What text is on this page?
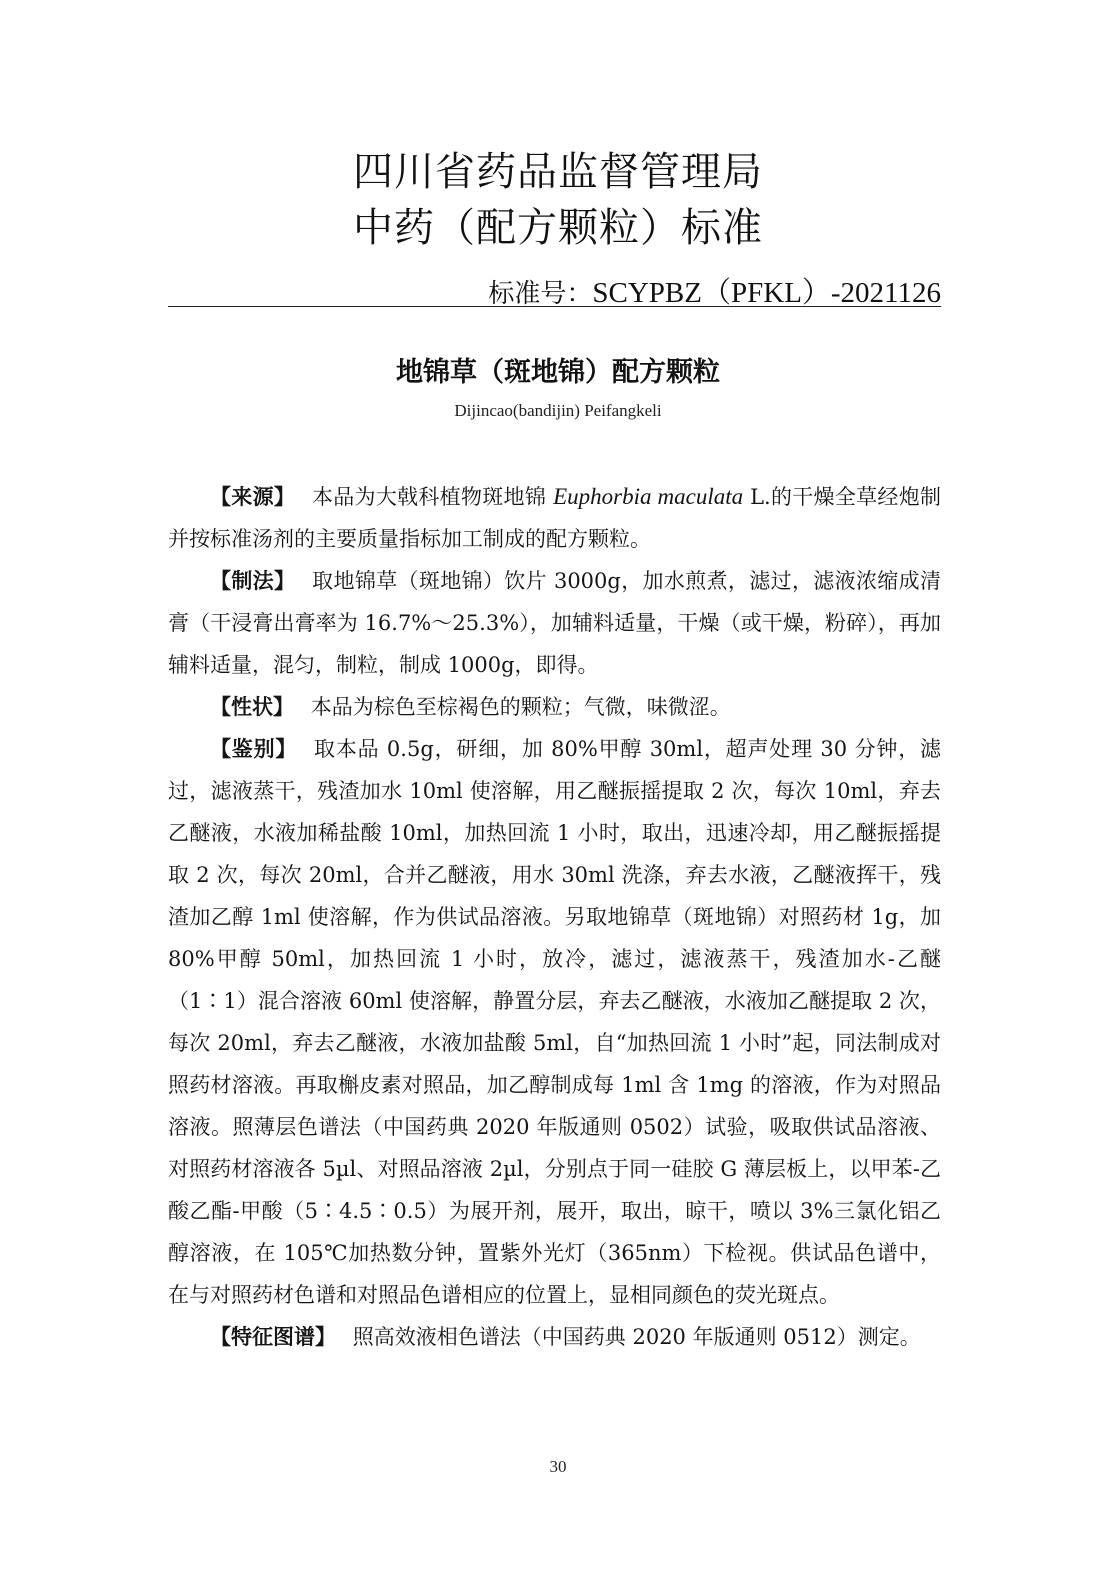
四川省药品监督管理局
中药（配方颗粒）标准
标准号：SCYPBZ（PFKL）-2021126
地锦草（斑地锦）配方颗粒
Dijincao(bandijin) Peifangkeli

【来源】 本品为大戟科植物斑地锦 Euphorbia maculata L.的干燥全草经炮制并按标准汤剂的主要质量指标加工制成的配方颗粒。

【制法】 取地锦草（斑地锦）饮片 3000g，加水煎煮，滤过，滤液浓缩成清膏（干浸膏出膏率为 16.7%～25.3%），加辅料适量，干燥（或干燥，粉碎），再加辅料适量，混匀，制粒，制成 1000g，即得。

【性状】 本品为棕色至棕褐色的颗粒；气微，味微涩。

【鉴别】 取本品 0.5g，研细，加 80%甲醇 30ml，超声处理 30 分钟，滤过，滤液蒸干，残渣加水 10ml 使溶解，用乙醚振摇提取 2 次，每次 10ml，弃去乙醚液，水液加稀盐酸 10ml，加热回流 1 小时，取出，迅速冷却，用乙醚振摇提取 2 次，每次 20ml，合并乙醚液，用水 30ml 洗涤，弃去水液，乙醚液挥干，残渣加乙醇 1ml 使溶解，作为供试品溶液。另取地锦草（斑地锦）对照药材 1g，加 80%甲醇 50ml，加热回流 1 小时，放冷，滤过，滤液蒸干，残渣加水-乙醚（1∶1）混合溶液 60ml 使溶解，静置分层，弃去乙醚液，水液加乙醚提取 2 次，每次 20ml，弃去乙醚液，水液加盐酸 5ml，自“加热回流 1 小时”起，同法制成对照药材溶液。再取槲皮素对照品，加乙醇制成每 1ml 含 1mg 的溶液，作为对照品溶液。照薄层色谱法（中国药典 2020 年版通则 0502）试验，吸取供试品溶液、对照药材溶液各 5µl、对照品溶液 2µl，分别点于同一硅胶 G 薄层板上，以甲苯-乙酸乙酯-甲酸（5∶4.5∶0.5）为展开剂，展开，取出，晾干，喷以 3%三氯化铝乙醇溶液，在 105℃加热数分钟，置紫外光灯（365nm）下检视。供试品色谱中，在与对照药材色谱和对照品色谱相应的位置上，显相同颜色的荧光斑点。

【特征图谱】 照高效液相色谱法（中国药典 2020 年版通则 0512）测定。

30
